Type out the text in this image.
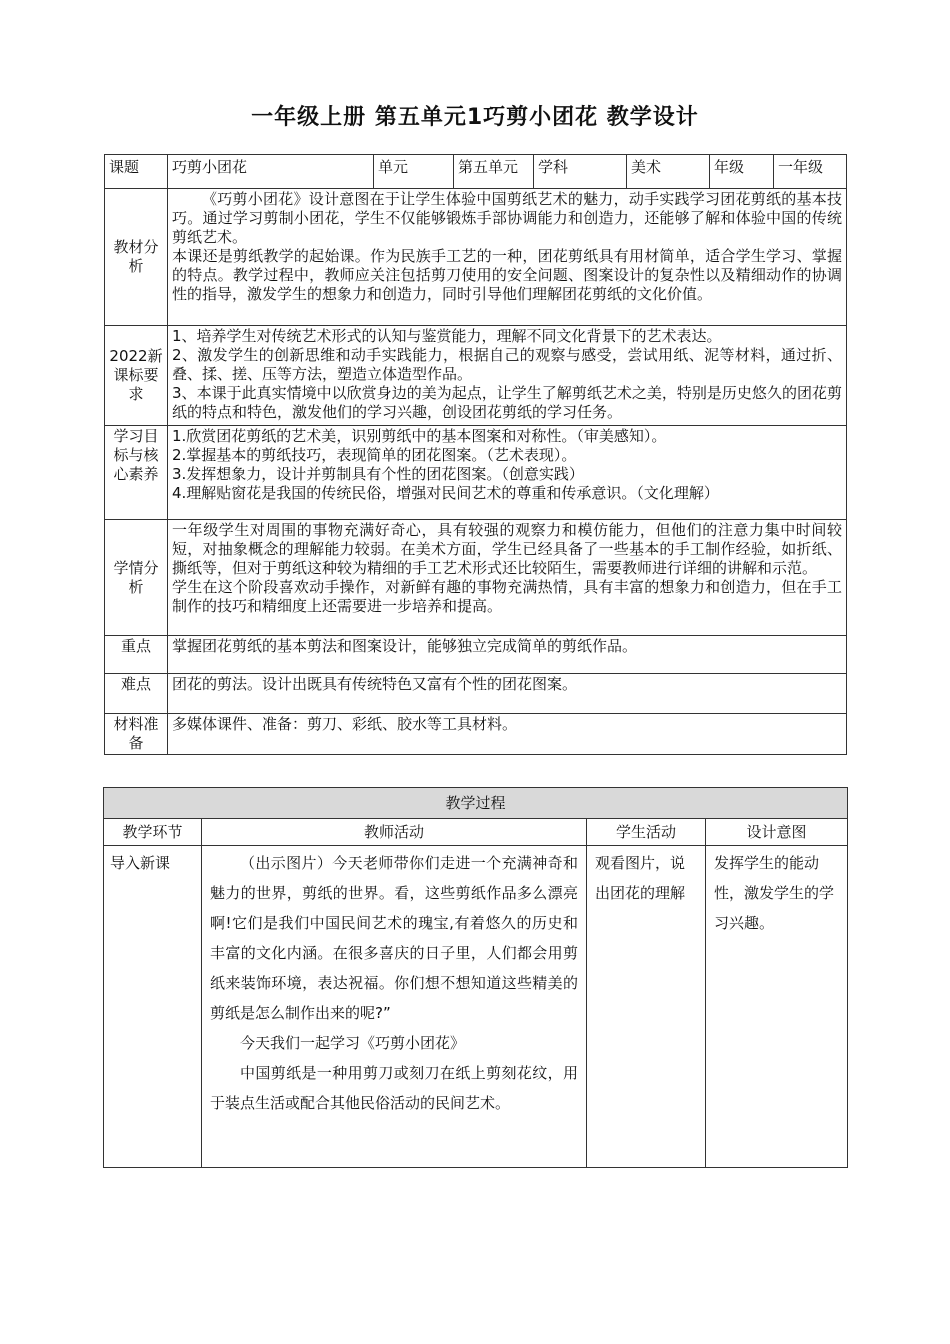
一年级上册 第五单元1巧剪小团花 教学设计
课题	巧剪小团花	单元	第五单元	学科	美术	年级	一年级
教材分析	《巧剪小团花》设计意图在于让学生体验中国剪纸艺术的魅力，动手实践学习团花剪纸的基本技巧。通过学习剪制小团花，学生不仅能够锻炼手部协调能力和创造力，还能够了解和体验中国的传统剪纸艺术。

本课还是剪纸教学的起始课。作为民族手工艺的一种，团花剪纸具有用材简单，适合学生学习、掌握的特点。教学过程中，教师应关注包括剪刀使用的安全问题、图案设计的复杂性以及精细动作的协调性的指导，激发学生的想象力和创造力，同时引导他们理解团花剪纸的文化价值。						

2022新课标要求	1、培养学生对传统艺术形式的认知与鉴赏能力，理解不同文化背景下的艺术表达。

2、激发学生的创新思维和动手实践能力，根据自己的观察与感受，尝试用纸、泥等材料，通过折、叠、揉、搓、压等方法，塑造立体造型作品。

3、本课于此真实情境中以欣赏身边的美为起点，让学生了解剪纸艺术之美，特别是历史悠久的团花剪纸的特点和特色，激发他们的学习兴趣，创设团花剪纸的学习任务。						

学习目标与核心素养	1.欣赏团花剪纸的艺术美，识别剪纸中的基本图案和对称性。（审美感知）。

2.掌握基本的剪纸技巧，表现简单的团花图案。（艺术表现）。

3.发挥想象力，设计并剪制具有个性的团花图案。（创意实践）

4.理解贴窗花是我国的传统民俗，增强对民间艺术的尊重和传承意识。（文化理解）						

学情分析	一年级学生对周围的事物充满好奇心，具有较强的观察力和模仿能力，但他们的注意力集中时间较短，对抽象概念的理解能力较弱。在美术方面，学生已经具备了一些基本的手工制作经验，如折纸、撕纸等，但对于剪纸这种较为精细的手工艺术形式还比较陌生，需要教师进行详细的讲解和示范。

学生在这个阶段喜欢动手操作，对新鲜有趣的事物充满热情，具有丰富的想象力和创造力，但在手工制作的技巧和精细度上还需要进一步培养和提高。						

重点	掌握团花剪纸的基本剪法和图案设计，能够独立完成简单的剪纸作品。						
难点	团花的剪法。设计出既具有传统特色又富有个性的团花图案。						
材料准备	多媒体课件、准备：剪刀、彩纸、胶水等工具材料。						
教学过程			
教学环节	教师活动	学生活动	设计意图
导入新课	（出示图片）今天老师带你们走进一个充满神奇和魅力的世界，剪纸的世界。看，这些剪纸作品多么漂亮啊!它们是我们中国民间艺术的瑰宝,有着悠久的历史和丰富的文化内涵。在很多喜庆的日子里，人们都会用剪纸来装饰环境，表达祝福。你们想不想知道这些精美的剪纸是怎么制作出来的呢?”

今天我们一起学习《巧剪小团花》

中国剪纸是一种用剪刀或刻刀在纸上剪刻花纹，用于装点生活或配合其他民俗活动的民间艺术。	观看图片，说出团花的理解	发挥学生的能动性，激发学生的学习兴趣。
